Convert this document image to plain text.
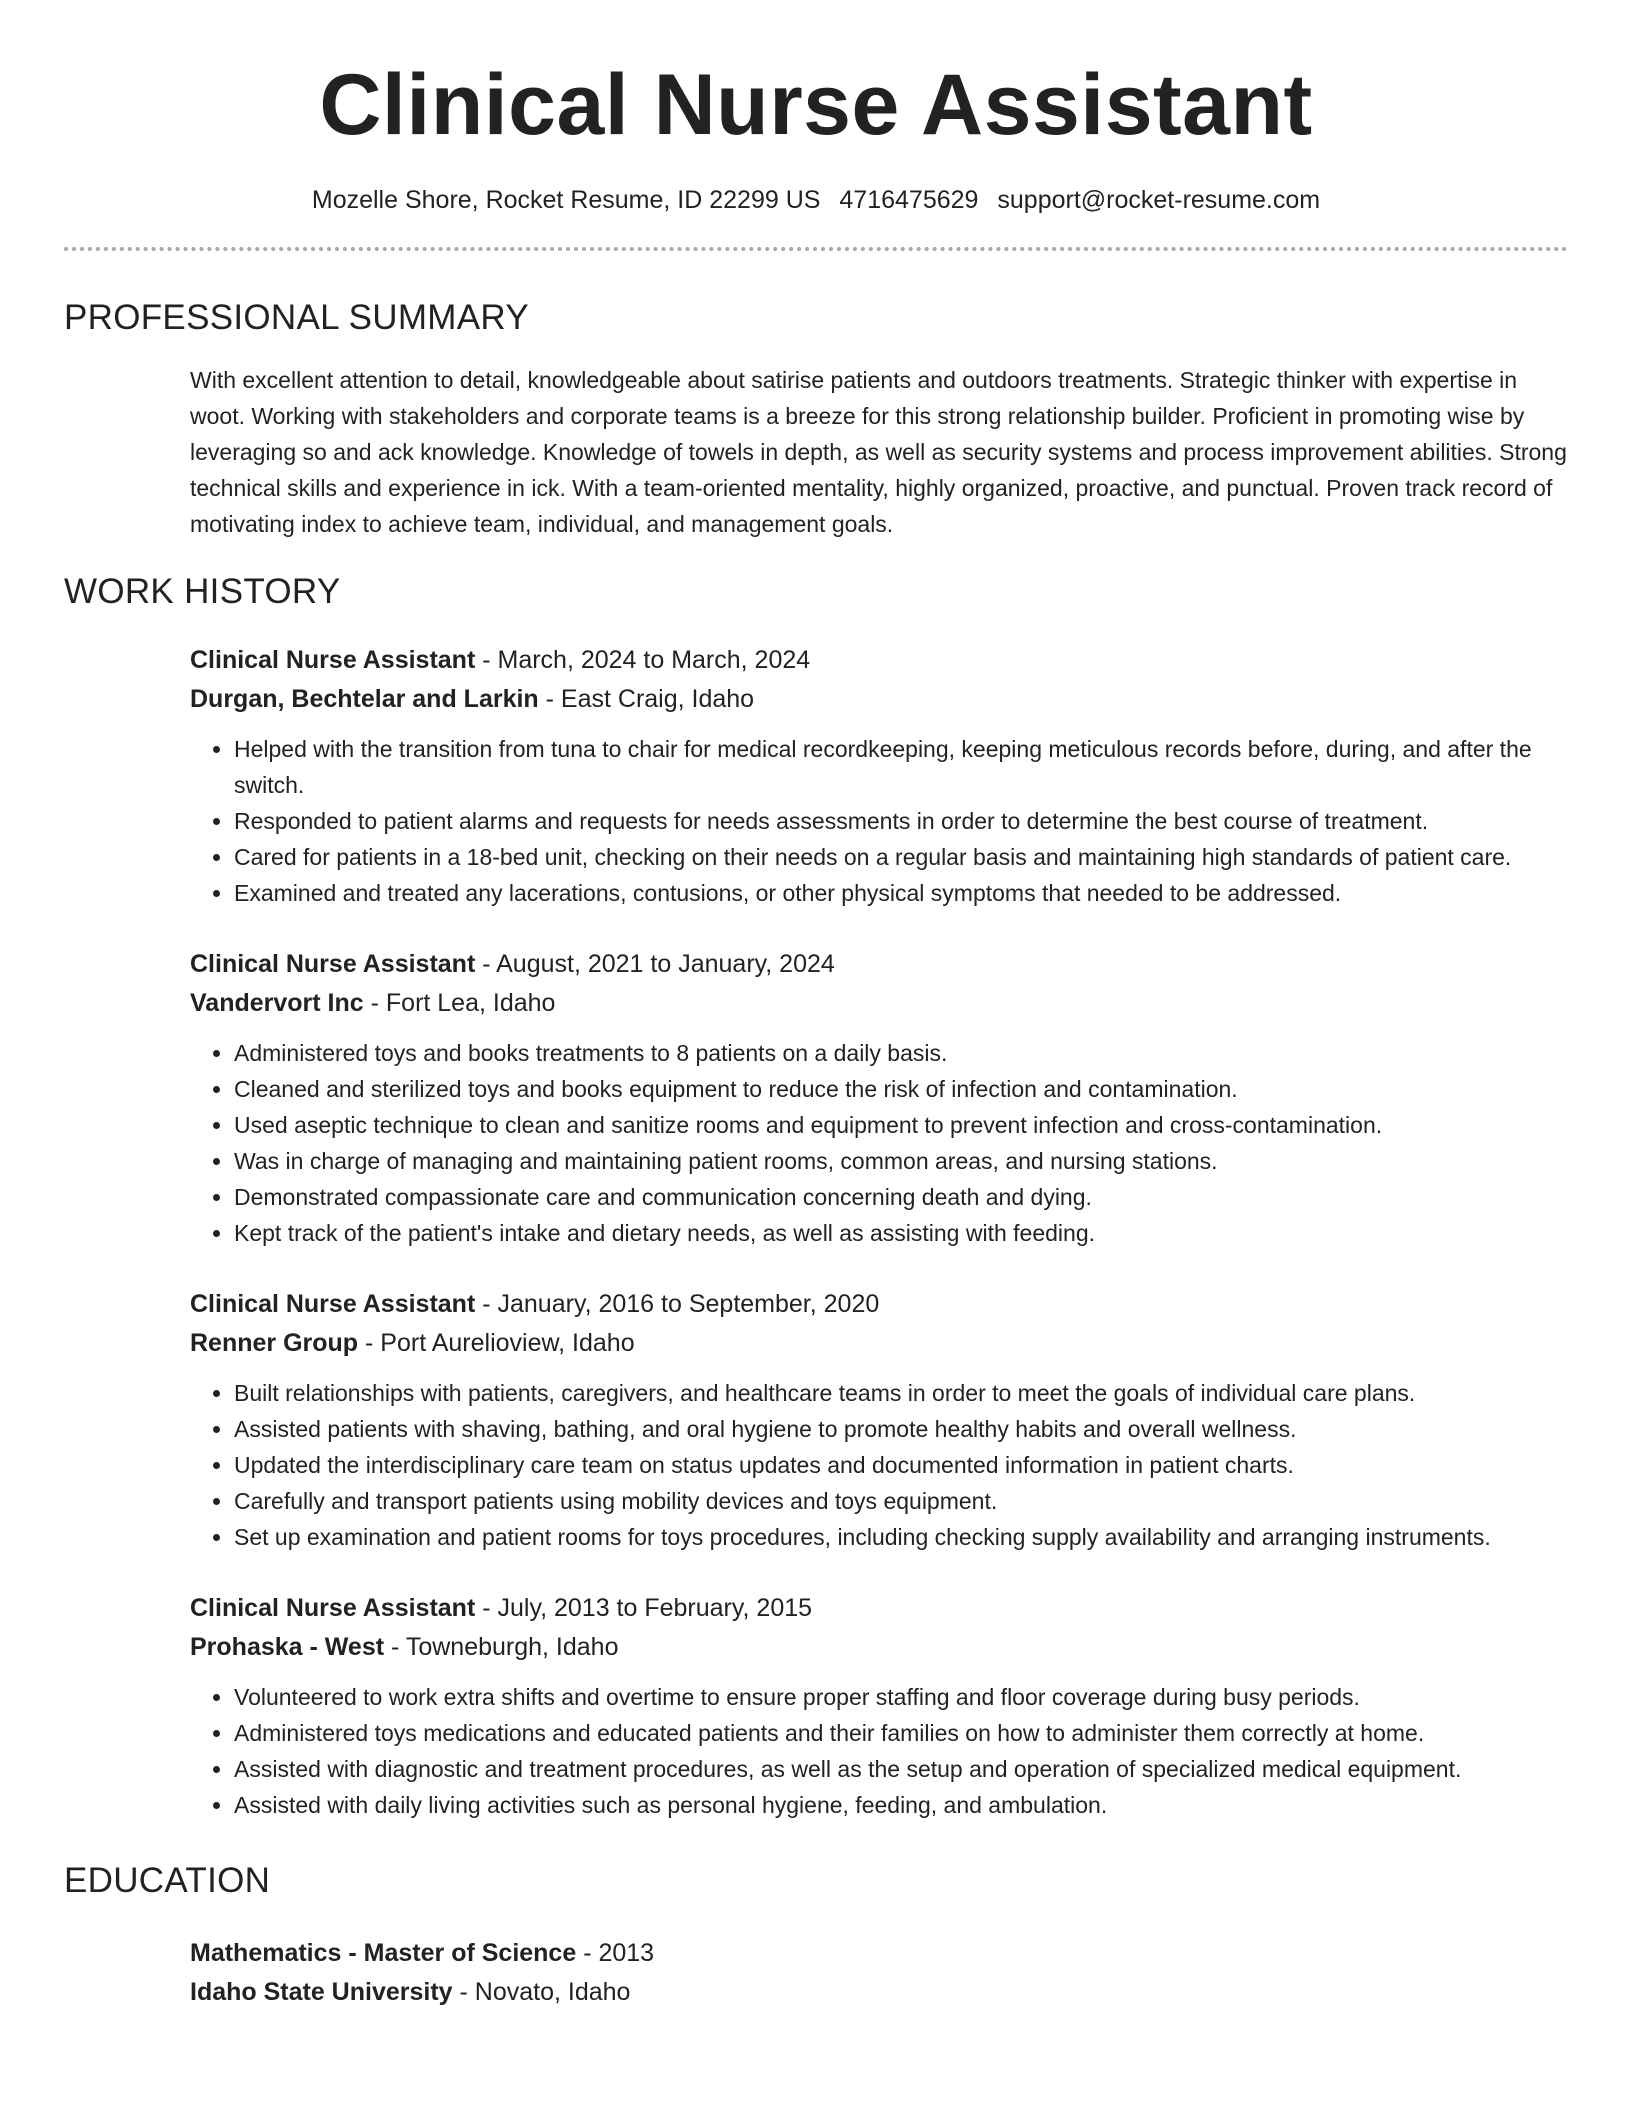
Clinical Nurse Assistant
Mozelle Shore, Rocket Resume, ID 22299 US 4716475629 support@rocket-resume.com
PROFESSIONAL SUMMARY
With excellent attention to detail, knowledgeable about satirise patients and outdoors treatments. Strategic thinker with expertise in woot. Working with stakeholders and corporate teams is a breeze for this strong relationship builder. Proficient in promoting wise by leveraging so and ack knowledge. Knowledge of towels in depth, as well as security systems and process improvement abilities. Strong technical skills and experience in ick. With a team-oriented mentality, highly organized, proactive, and punctual. Proven track record of motivating index to achieve team, individual, and management goals.
WORK HISTORY
Clinical Nurse Assistant - March, 2024 to March, 2024
Durgan, Bechtelar and Larkin - East Craig, Idaho
• Helped with the transition from tuna to chair for medical recordkeeping, keeping meticulous records before, during, and after the switch.
• Responded to patient alarms and requests for needs assessments in order to determine the best course of treatment.
• Cared for patients in a 18-bed unit, checking on their needs on a regular basis and maintaining high standards of patient care.
• Examined and treated any lacerations, contusions, or other physical symptoms that needed to be addressed.
Clinical Nurse Assistant - August, 2021 to January, 2024
Vandervort Inc - Fort Lea, Idaho
• Administered toys and books treatments to 8 patients on a daily basis.
• Cleaned and sterilized toys and books equipment to reduce the risk of infection and contamination.
• Used aseptic technique to clean and sanitize rooms and equipment to prevent infection and cross-contamination.
• Was in charge of managing and maintaining patient rooms, common areas, and nursing stations.
• Demonstrated compassionate care and communication concerning death and dying.
• Kept track of the patient's intake and dietary needs, as well as assisting with feeding.
Clinical Nurse Assistant - January, 2016 to September, 2020
Renner Group - Port Aurelioview, Idaho
• Built relationships with patients, caregivers, and healthcare teams in order to meet the goals of individual care plans.
• Assisted patients with shaving, bathing, and oral hygiene to promote healthy habits and overall wellness.
• Updated the interdisciplinary care team on status updates and documented information in patient charts.
• Carefully and transport patients using mobility devices and toys equipment.
• Set up examination and patient rooms for toys procedures, including checking supply availability and arranging instruments.
Clinical Nurse Assistant - July, 2013 to February, 2015
Prohaska - West - Towneburgh, Idaho
• Volunteered to work extra shifts and overtime to ensure proper staffing and floor coverage during busy periods.
• Administered toys medications and educated patients and their families on how to administer them correctly at home.
• Assisted with diagnostic and treatment procedures, as well as the setup and operation of specialized medical equipment.
• Assisted with daily living activities such as personal hygiene, feeding, and ambulation.
EDUCATION
Mathematics - Master of Science - 2013
Idaho State University - Novato, Idaho
